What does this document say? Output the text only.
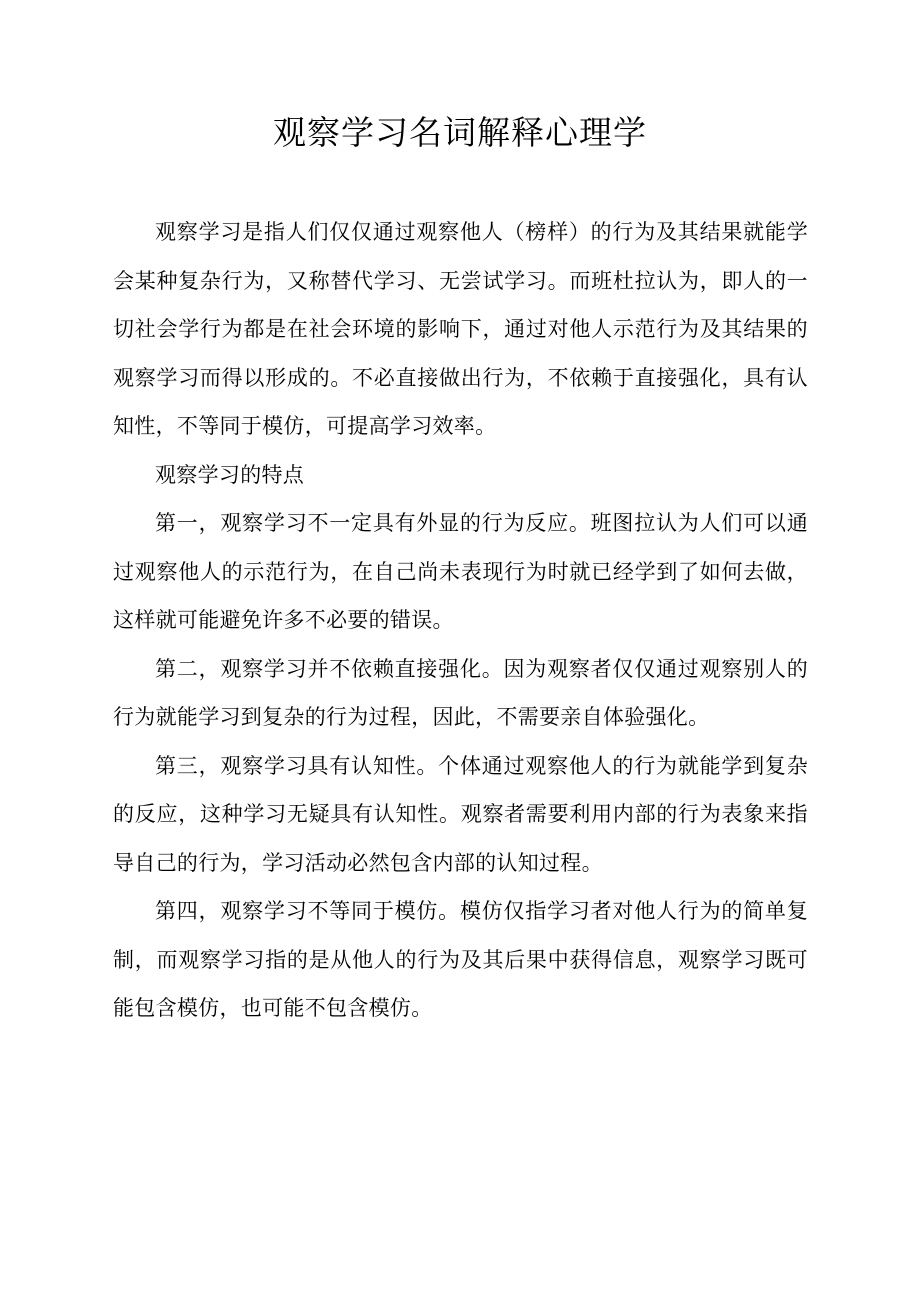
观察学习名词解释心理学

观察学习是指人们仅仅通过观察他人（榜样）的行为及其结果就能学会某种复杂行为，又称替代学习、无尝试学习。而班杜拉认为，即人的一切社会学行为都是在社会环境的影响下，通过对他人示范行为及其结果的观察学习而得以形成的。不必直接做出行为，不依赖于直接强化，具有认知性，不等同于模仿，可提高学习效率。

观察学习的特点

第一，观察学习不一定具有外显的行为反应。班图拉认为人们可以通过观察他人的示范行为，在自己尚未表现行为时就已经学到了如何去做，这样就可能避免许多不必要的错误。

第二，观察学习并不依赖直接强化。因为观察者仅仅通过观察别人的行为就能学习到复杂的行为过程，因此，不需要亲自体验强化。

第三，观察学习具有认知性。个体通过观察他人的行为就能学到复杂的反应，这种学习无疑具有认知性。观察者需要利用内部的行为表象来指导自己的行为，学习活动必然包含内部的认知过程。

第四，观察学习不等同于模仿。模仿仅指学习者对他人行为的简单复制，而观察学习指的是从他人的行为及其后果中获得信息，观察学习既可能包含模仿，也可能不包含模仿。
